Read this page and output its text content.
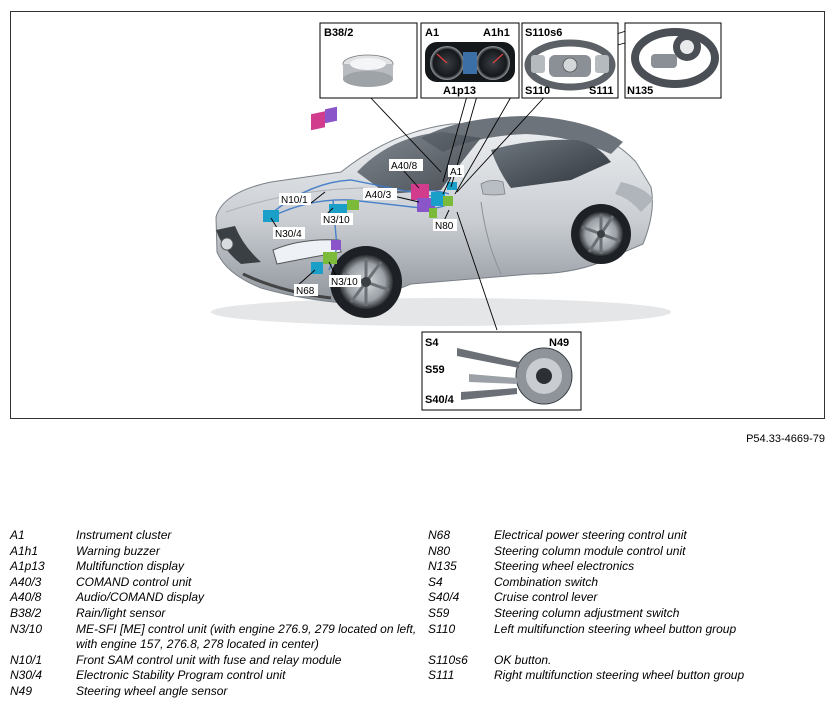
B38/2	A1	A1h1
A1p13
S110s6
S110	S111 N135
S4	N49
S59
S40/4
A40/8
A1
A40/3
N10/1
N3/10
N30/4
N80
N3/10
N68
P54.33-4669-79
A1	Instrument cluster
A1h1	Warning buzzer
A1p13	Multifunction display
A40/3	COMAND control unit
A40/8	Audio/COMAND display
B38/2	Rain/light sensor
N3/10	ME-SFI [ME] control unit (with engine 276.9, 279 located on left, with engine 157, 276.8, 278 located in center)
N10/1	Front SAM control unit with fuse and relay module
N30/4	Electronic Stability Program control unit
N49	Steering wheel angle sensor
N68	Electrical power steering control unit
N80	Steering column module control unit
N135	Steering wheel electronics
S4	Combination switch
S40/4	Cruise control lever
S59	Steering column adjustment switch
S110	Left multifunction steering wheel button group
S110s6	OK button.
S111	Right multifunction steering wheel button group
